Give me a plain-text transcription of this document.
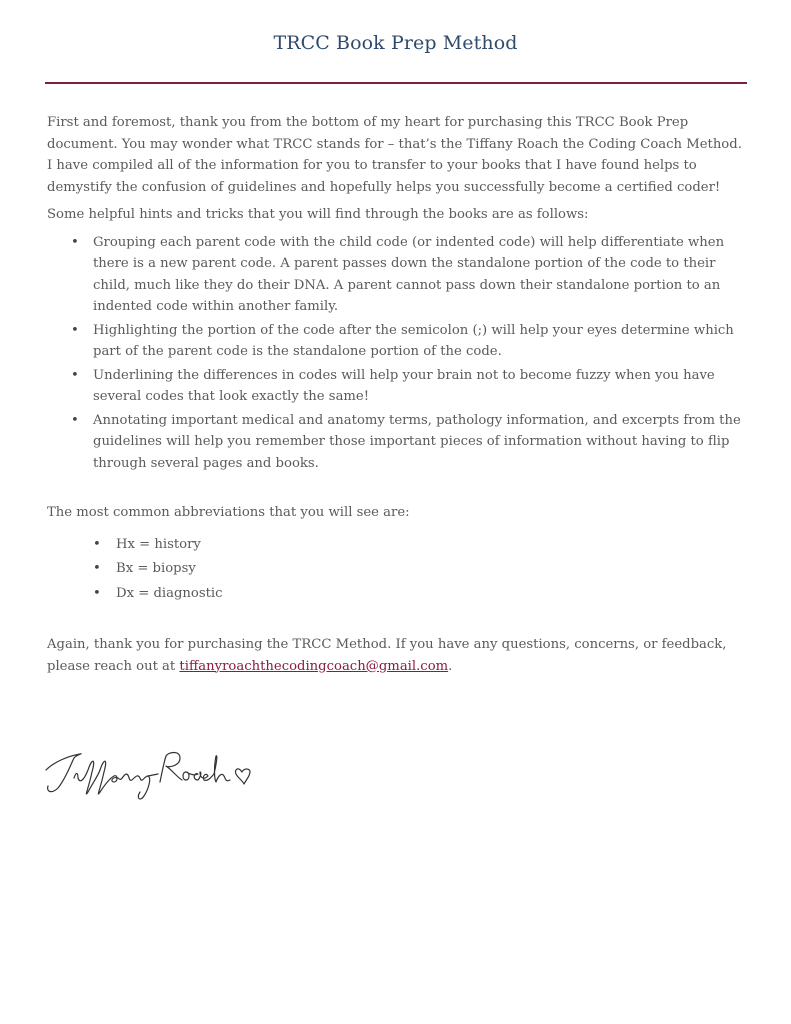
TRCC Book Prep Method

First and foremost, thank you from the bottom of my heart for purchasing this TRCC Book Prep document. You may wonder what TRCC stands for – that’s the Tiffany Roach the Coding Coach Method. I have compiled all of the information for you to transfer to your books that I have found helps to demystify the confusion of guidelines and hopefully helps you successfully become a certified coder!

Some helpful hints and tricks that you will find through the books are as follows:

• Grouping each parent code with the child code (or indented code) will help differentiate when there is a new parent code. A parent passes down the standalone portion of the code to their child, much like they do their DNA. A parent cannot pass down their standalone portion to an indented code within another family.
• Highlighting the portion of the code after the semicolon (;) will help your eyes determine which part of the parent code is the standalone portion of the code.
• Underlining the differences in codes will help your brain not to become fuzzy when you have several codes that look exactly the same!
• Annotating important medical and anatomy terms, pathology information, and excerpts from the guidelines will help you remember those important pieces of information without having to flip through several pages and books.

The most common abbreviations that you will see are:

• Hx = history
• Bx = biopsy
• Dx = diagnostic

Again, thank you for purchasing the TRCC Method. If you have any questions, concerns, or feedback, please reach out at tiffanyroachthecodingcoach@gmail.com.
